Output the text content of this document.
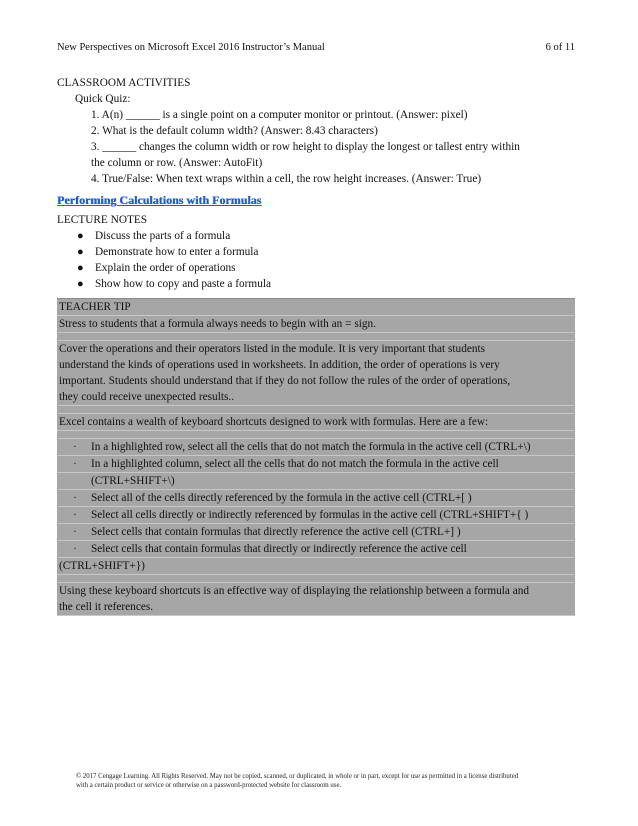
New Perspectives on Microsoft Excel 2016 Instructor’s Manual	6 of 11
CLASSROOM ACTIVITIES
Quick Quiz:
1. A(n) ______ is a single point on a computer monitor or printout. (Answer: pixel)
2. What is the default column width? (Answer: 8.43 characters)
3. ______ changes the column width or row height to display the longest or tallest entry within
the column or row. (Answer: AutoFit)
4. True/False: When text wraps within a cell, the row height increases. (Answer: True)
Performing Calculations with Formulas
LECTURE NOTES
● Discuss the parts of a formula
● Demonstrate how to enter a formula
● Explain the order of operations
● Show how to copy and paste a formula
TEACHER TIP
Stress to students that a formula always needs to begin with an = sign.
Cover the operations and their operators listed in the module. It is very important that students
understand the kinds of operations used in worksheets. In addition, the order of operations is very
important. Students should understand that if they do not follow the rules of the order of operations,
they could receive unexpected results..
Excel contains a wealth of keyboard shortcuts designed to work with formulas. Here are a few:
· In a highlighted row, select all the cells that do not match the formula in the active cell (CTRL+\)
· In a highlighted column, select all the cells that do not match the formula in the active cell
(CTRL+SHIFT+\)
· Select all of the cells directly referenced by the formula in the active cell (CTRL+[ )
· Select all cells directly or indirectly referenced by formulas in the active cell (CTRL+SHIFT+{ )
· Select cells that contain formulas that directly reference the active cell (CTRL+] )
· Select cells that contain formulas that directly or indirectly reference the active cell
(CTRL+SHIFT+})
Using these keyboard shortcuts is an effective way of displaying the relationship between a formula and
the cell it references.
© 2017 Cengage Learning. All Rights Reserved. May not be copied, scanned, or duplicated, in whole or in part, except for use as permitted in a license distributed
with a certain product or service or otherwise on a password-protected website for classroom use.
